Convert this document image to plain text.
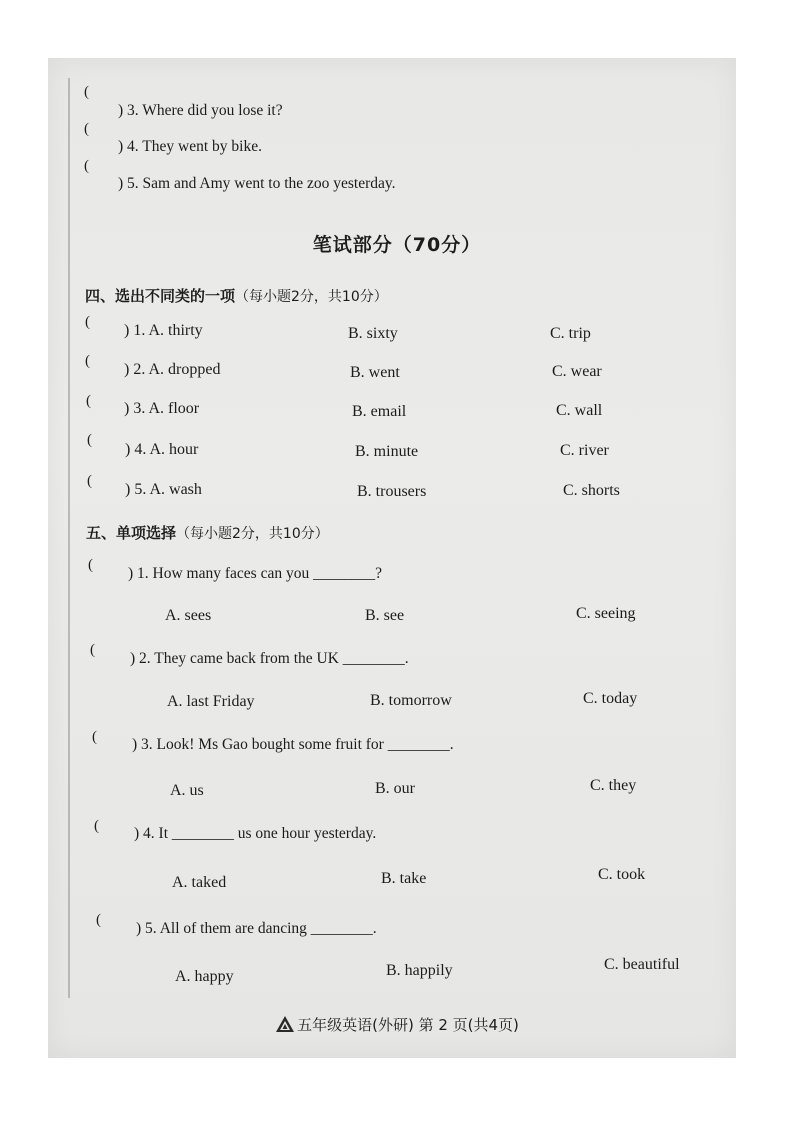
(
) 3. Where did you lose it?
(
) 4. They went by bike.
(
) 5. Sam and Amy went to the zoo yesterday.
笔试部分（70分）
四、选出不同类的一项（每小题2分，共10分）
( ) 1. A. thirty	B. sixty	C. trip
( ) 2. A. dropped	B. went	C. wear
( ) 3. A. floor	B. email	C. wall
(
) 4. A. hour	B. minute	C. river
( ) 5. A. wash	B. trousers	C. shorts
五、单项选择（每小题2分，共10分）
( ) 1. How many faces can you ________?
A. sees	B. see	C. seeing
( ) 2. They came back from the UK ________.
A. last Friday	B. tomorrow	C. today
( ) 3. Look! Ms Gao bought some fruit for ________.
A. us	B. our	C. they
( ) 4. It ________ us one hour yesterday.
A. taked	B. take	C. took
( ) 5. All of them are dancing ________.
A. happy	B. happily	C. beautiful
五年级英语(外研) 第 2 页(共4页)
